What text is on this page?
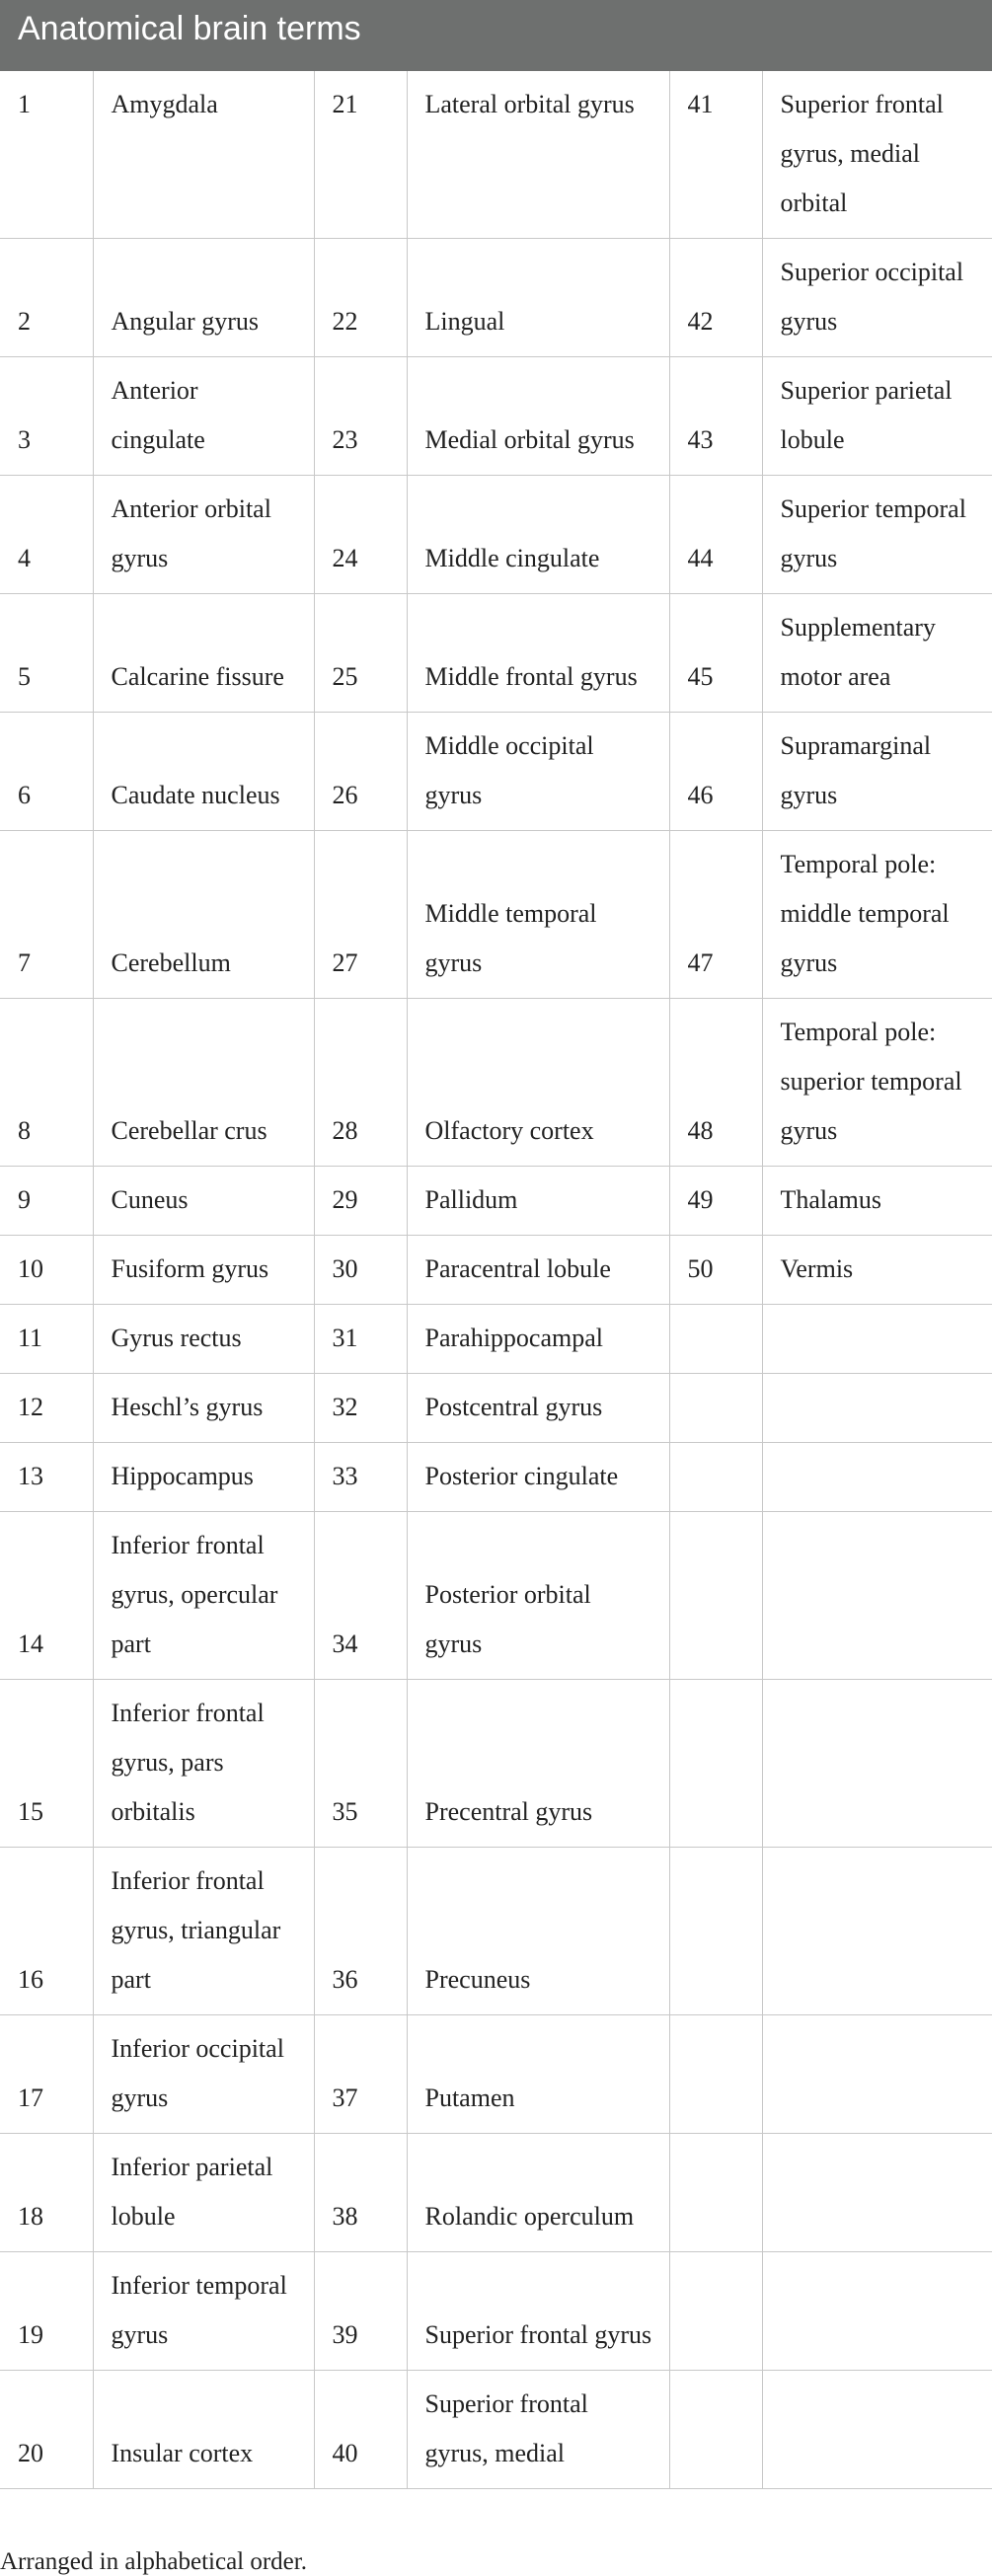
Anatomical brain terms
1	Amygdala	21	Lateral orbital gyrus	41	Superior frontal gyrus, medial orbital
2	Angular gyrus	22	Lingual	42	Superior occipital gyrus
3	Anterior cingulate	23	Medial orbital gyrus	43	Superior parietal lobule
4	Anterior orbital gyrus	24	Middle cingulate	44	Superior temporal gyrus
5	Calcarine fissure	25	Middle frontal gyrus	45	Supplementary motor area
6	Caudate nucleus	26	Middle occipital gyrus	46	Supramarginal gyrus
7	Cerebellum	27	Middle temporal gyrus	47	Temporal pole: middle temporal gyrus
8	Cerebellar crus	28	Olfactory cortex	48	Temporal pole: superior temporal gyrus
9	Cuneus	29	Pallidum	49	Thalamus
10	Fusiform gyrus	30	Paracentral lobule	50	Vermis
11	Gyrus rectus	31	Parahippocampal		
12	Heschl’s gyrus	32	Postcentral gyrus		
13	Hippocampus	33	Posterior cingulate		
14	Inferior frontal gyrus, opercular part	34	Posterior orbital gyrus		
15	Inferior frontal gyrus, pars orbitalis	35	Precentral gyrus		
16	Inferior frontal gyrus, triangular part	36	Precuneus		
17	Inferior occipital gyrus	37	Putamen		
18	Inferior parietal lobule	38	Rolandic operculum		
19	Inferior temporal gyrus	39	Superior frontal gyrus		
20	Insular cortex	40	Superior frontal gyrus, medial		
Arranged in alphabetical order.
